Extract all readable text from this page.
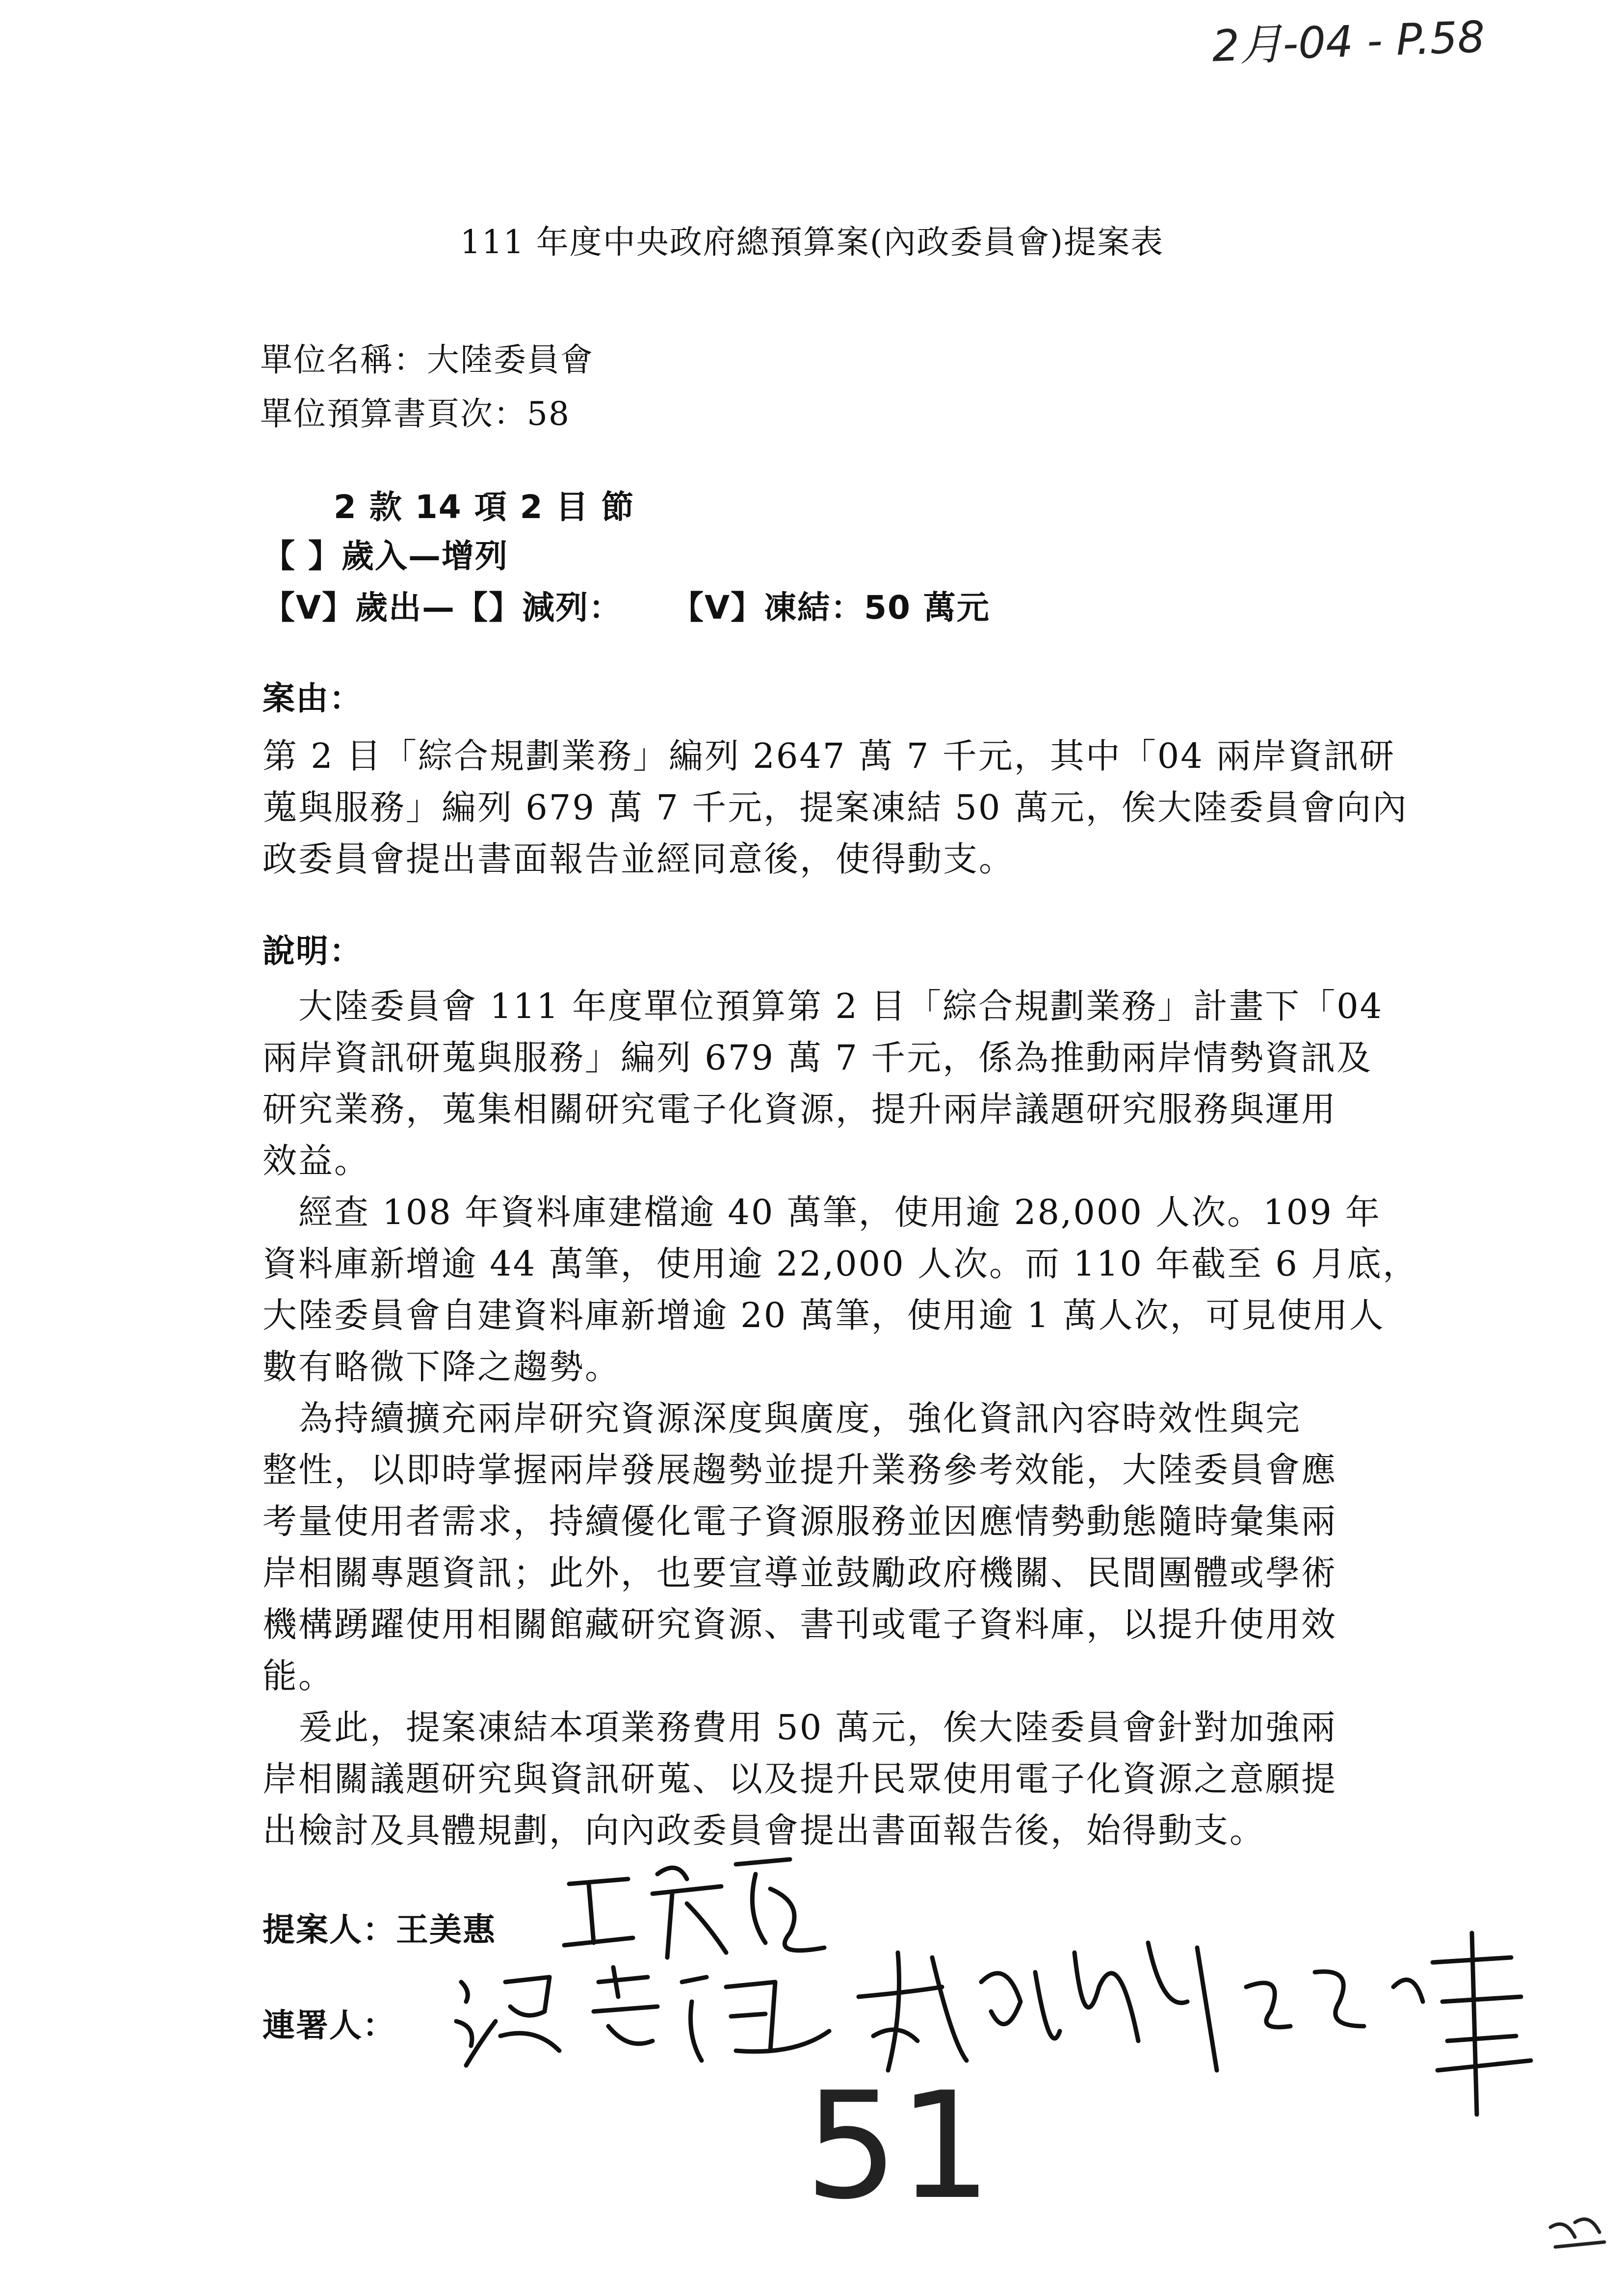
2月-04 - P.58
111 年度中央政府總預算案(內政委員會)提案表
單位名稱：大陸委員會
單位預算書頁次：58
2 款 14 項 2 目 節
【 】歲入—增列
【V】歲出—【】減列：    【V】凍結：50 萬元
案由：
第 2 目「綜合規劃業務」編列 2647 萬 7 千元，其中「04 兩岸資訊研
蒐與服務」編列 679 萬 7 千元，提案凍結 50 萬元，俟大陸委員會向內
政委員會提出書面報告並經同意後，使得動支。
說明：
　大陸委員會 111 年度單位預算第 2 目「綜合規劃業務」計畫下「04
兩岸資訊研蒐與服務」編列 679 萬 7 千元，係為推動兩岸情勢資訊及
研究業務，蒐集相關研究電子化資源，提升兩岸議題研究服務與運用
效益。
　經查 108 年資料庫建檔逾 40 萬筆，使用逾 28,000 人次。109 年
資料庫新增逾 44 萬筆，使用逾 22,000 人次。而 110 年截至 6 月底，
大陸委員會自建資料庫新增逾 20 萬筆，使用逾 1 萬人次，可見使用人
數有略微下降之趨勢。
　為持續擴充兩岸研究資源深度與廣度，強化資訊內容時效性與完
整性，以即時掌握兩岸發展趨勢並提升業務參考效能，大陸委員會應
考量使用者需求，持續優化電子資源服務並因應情勢動態隨時彙集兩
岸相關專題資訊；此外，也要宣導並鼓勵政府機關、民間團體或學術
機構踴躍使用相關館藏研究資源、書刊或電子資料庫，以提升使用效
能。
　爰此，提案凍結本項業務費用 50 萬元，俟大陸委員會針對加強兩
岸相關議題研究與資訊研蒐、以及提升民眾使用電子化資源之意願提
出檢討及具體規劃，向內政委員會提出書面報告後，始得動支。
提案人：王美惠
連署人：
51
